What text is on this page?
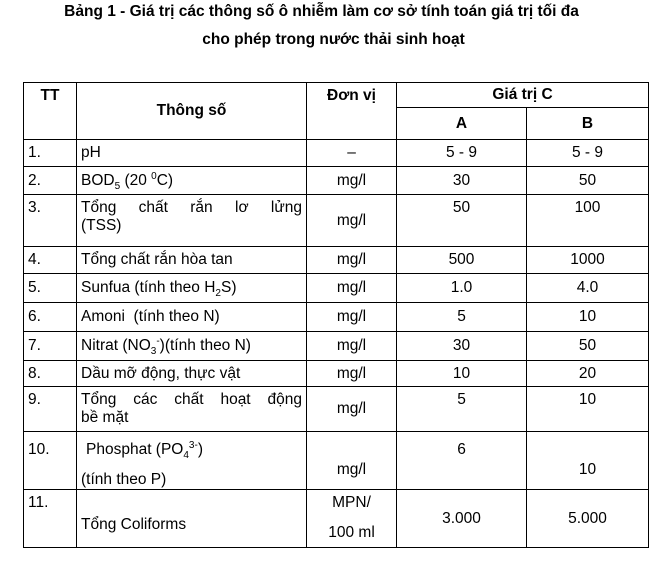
Bảng 1 - Giá trị các thông số ô nhiễm làm cơ sở tính toán giá trị tối đa
cho phép trong nước thải sinh hoạt
TT	Thông số	Đơn vị	Giá trị C	
			A	B
1.	pH	–	5 - 9	5 - 9
2.	$BOD_5$ (20 $^0$C)	mg/l	30	50
3.	Tổng chất rắn lơ lửng
(TSS)	mg/l	50	100
4.	Tổng chất rắn hòa tan	mg/l	500	1000
5.	Sunfua (tính theo $H_2S$)	mg/l	1.0	4.0
6.	Amoni  (tính theo N)	mg/l	5	10
7.	Nitrat $(NO_3^-)(tính$ theo N)	mg/l	30	50
8.	Dầu mỡ động, thực vật	mg/l	10	20
9.	Tổng các chất hoạt động
bề mặt	mg/l	5	10
10.	Phosphat $(PO_4^{3-})$
(tính theo P)	mg/l	6	10
11.	Tổng Coliforms	MPN/
100 ml	3.000	5.000
